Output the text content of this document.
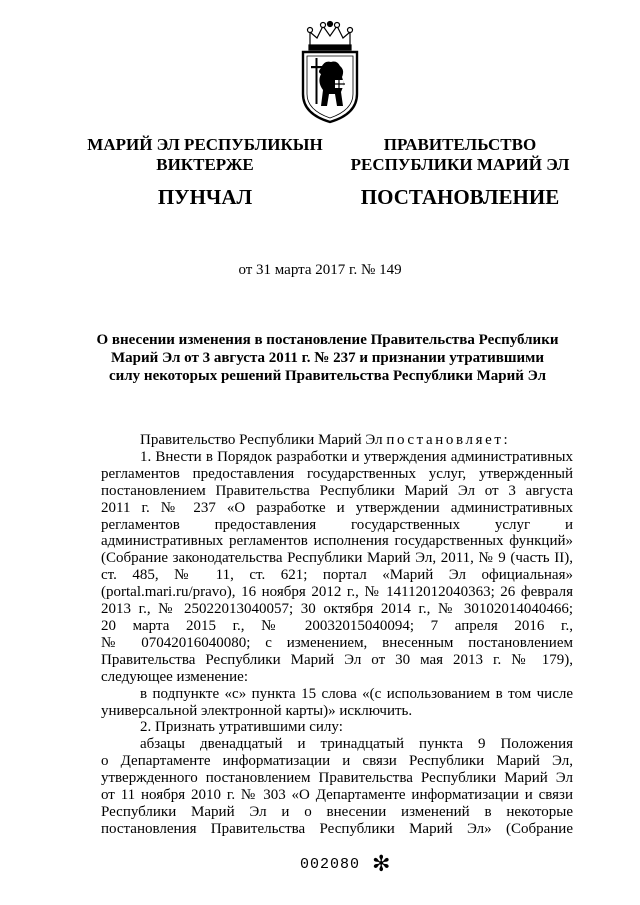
МАРИЙ ЭЛ РЕСПУБЛИКЫН
ВИКТЕРЖЕ
ПУНЧАЛ
ПРАВИТЕЛЬСТВО
РЕСПУБЛИКИ МАРИЙ ЭЛ
ПОСТАНОВЛЕНИЕ
от 31 марта 2017 г. № 149
О внесении изменения в постановление Правительства Республики
Марий Эл от 3 августа 2011 г. № 237 и признании утратившими
силу некоторых решений Правительства Республики Марий Эл

Правительство Республики Марий Эл постановляет:

1. Внести в Порядок разработки и утверждения административных

регламентов предоставления государственных услуг, утвержденный

постановлением Правительства Республики Марий Эл от 3 августа

2011 г. № 237 «О разработке и утверждении административных

регламентов предоставления государственных услуг и

административных регламентов исполнения государственных функций»

(Собрание законодательства Республики Марий Эл, 2011, № 9 (часть II),

ст. 485, № 11, ст. 621; портал «Марий Эл официальная»

(portal.mari.ru/pravo), 16 ноября 2012 г., № 14112012040363; 26 февраля

2013 г., № 25022013040057; 30 октября 2014 г., № 30102014040466;

20 марта 2015 г., № 20032015040094; 7 апреля 2016 г.,

№ 07042016040080; с изменением, внесенным постановлением

Правительства Республики Марий Эл от 30 мая 2013 г. № 179),

следующее изменение:

в подпункте «с» пункта 15 слова «(с использованием в том числе

универсальной электронной карты)» исключить.

2. Признать утратившими силу:

абзацы двенадцатый и тринадцатый пункта 9 Положения

о Департаменте информатизации и связи Республики Марий Эл,

утвержденного постановлением Правительства Республики Марий Эл

от 11 ноября 2010 г. № 303 «О Департаменте информатизации и связи

Республики Марий Эл и о внесении изменений в некоторые

постановления Правительства Республики Марий Эл» (Собрание

002080 ✻
